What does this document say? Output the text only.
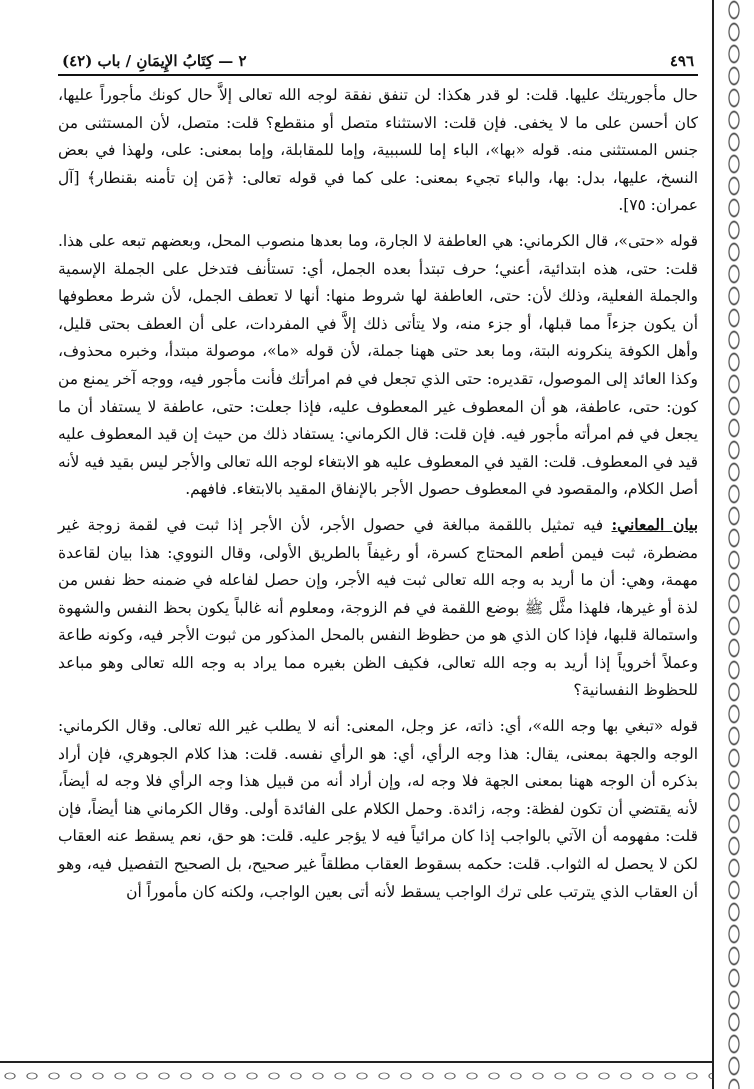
٤٩٦
٢ — كِتَابُ الإِيمَانِ / باب (٤٢)

حال مأجوريتك عليها. قلت: لو قدر هكذا: لن تنفق نفقة لوجه الله تعالى إلاَّ حال كونك مأجوراً عليها، كان أحسن على ما لا يخفى. فإن قلت: الاستثناء متصل أو منقطع؟ قلت: متصل، لأن المستثنى من جنس المستثنى منه. قوله «بها»، الباء إما للسببية، وإما للمقابلة، وإما بمعنى: على، ولهذا في بعض النسخ، عليها، بدل: بها، والباء تجيء بمعنى: على كما في قوله تعالى: ﴿مَن إن تأمنه بقنطار﴾ [آل عمران: ٧٥].

قوله «حتى»، قال الكرماني: هي العاطفة لا الجارة، وما بعدها منصوب المحل، وبعضهم تبعه على هذا. قلت: حتى، هذه ابتدائية، أعني؛ حرف تبتدأ بعده الجمل، أي: تستأنف فتدخل على الجملة الإسمية والجملة الفعلية، وذلك لأن: حتى، العاطفة لها شروط منها: أنها لا تعطف الجمل، لأن شرط معطوفها أن يكون جزءاً مما قبلها، أو جزء منه، ولا يتأتى ذلك إلاَّ في المفردات، على أن العطف بحتى قليل، وأهل الكوفة ينكرونه البتة، وما بعد حتى ههنا جملة، لأن قوله «ما»، موصولة مبتدأ، وخبره محذوف، وكذا العائد إلى الموصول، تقديره: حتى الذي تجعل في فم امرأتك فأنت مأجور فيه، ووجه آخر يمنع من كون: حتى، عاطفة، هو أن المعطوف غير المعطوف عليه، فإذا جعلت: حتى، عاطفة لا يستفاد أن ما يجعل في فم امرأته مأجور فيه. فإن قلت: قال الكرماني: يستفاد ذلك من حيث إن قيد المعطوف عليه قيد في المعطوف. قلت: القيد في المعطوف عليه هو الابتغاء لوجه الله تعالى والأجر ليس بقيد فيه لأنه أصل الكلام، والمقصود في المعطوف حصول الأجر بالإنفاق المقيد بالابتغاء. فافهم.

بيان المعاني: فيه تمثيل باللقمة مبالغة في حصول الأجر، لأن الأجر إذا ثبت في لقمة زوجة غير مضطرة، ثبت فيمن أطعم المحتاج كسرة، أو رغيفاً بالطريق الأولى، وقال النووي: هذا بيان لقاعدة مهمة، وهي: أن ما أريد به وجه الله تعالى ثبت فيه الأجر، وإن حصل لفاعله في ضمنه حظ نفس من لذة أو غيرها، فلهذا مثَّل ﷺ بوضع اللقمة في فم الزوجة، ومعلوم أنه غالباً يكون بحظ النفس والشهوة واستمالة قلبها، فإذا كان الذي هو من حظوظ النفس بالمحل المذكور من ثبوت الأجر فيه، وكونه طاعة وعملاً أخروياً إذا أريد به وجه الله تعالى، فكيف الظن بغيره مما يراد به وجه الله تعالى وهو مباعد للحظوظ النفسانية؟

قوله «تبغي بها وجه الله»، أي: ذاته، عز وجل، المعنى: أنه لا يطلب غير الله تعالى. وقال الكرماني: الوجه والجهة بمعنى، يقال: هذا وجه الرأي، أي: هو الرأي نفسه. قلت: هذا كلام الجوهري، فإن أراد بذكره أن الوجه ههنا بمعنى الجهة فلا وجه له، وإن أراد أنه من قبيل هذا وجه الرأي فلا وجه له أيضاً، لأنه يقتضي أن تكون لفظة: وجه، زائدة. وحمل الكلام على الفائدة أولى. وقال الكرماني هنا أيضاً، فإن قلت: مفهومه أن الآتي بالواجب إذا كان مرائياً فيه لا يؤجر عليه. قلت: هو حق، نعم يسقط عنه العقاب لكن لا يحصل له الثواب. قلت: حكمه بسقوط العقاب مطلقاً غير صحيح، بل الصحيح التفصيل فيه، وهو أن العقاب الذي يترتب على ترك الواجب يسقط لأنه أتى بعين الواجب، ولكنه كان مأموراً أن
